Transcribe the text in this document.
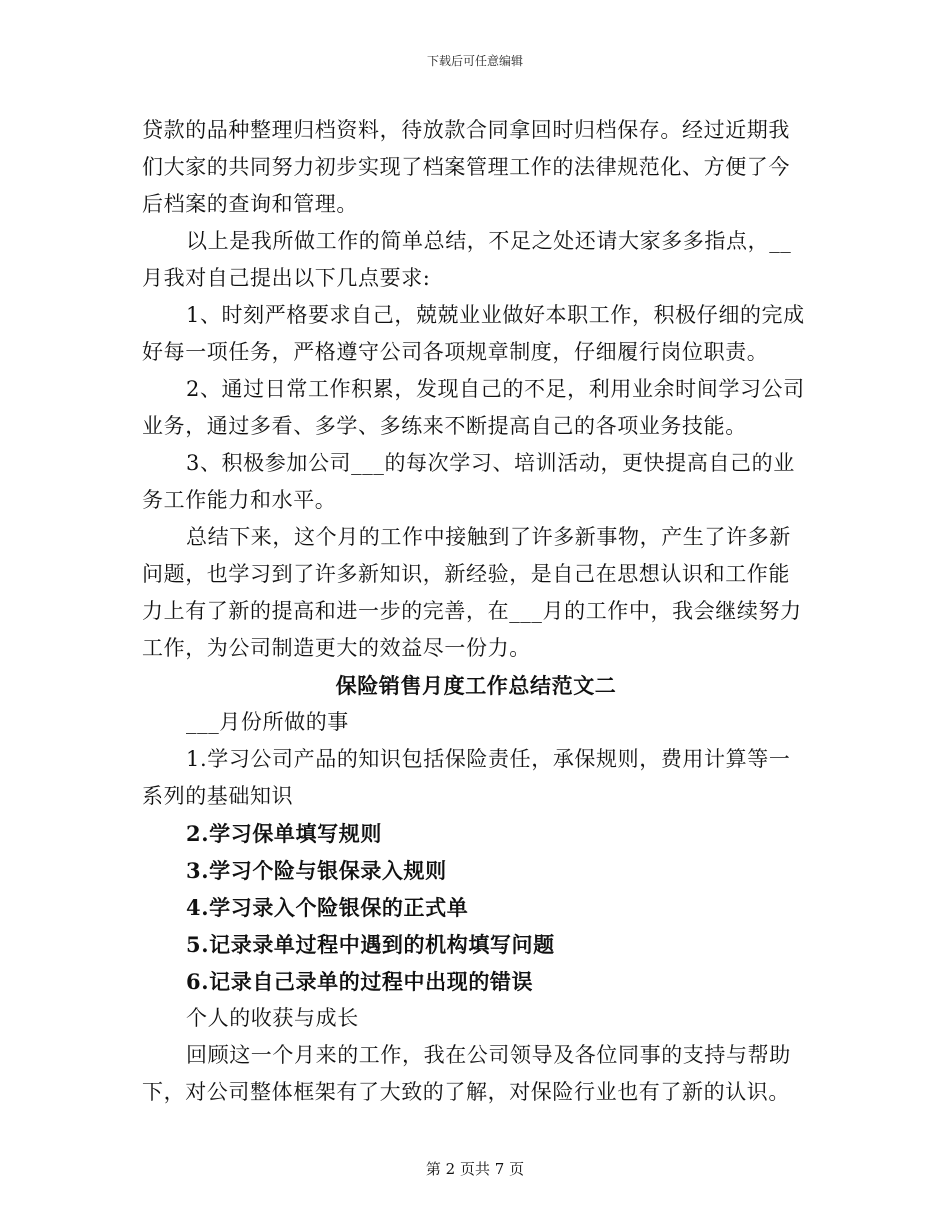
下载后可任意编辑
贷款的品种整理归档资料，待放款合同拿回时归档保存。经过近期我
们大家的共同努力初步实现了档案管理工作的法律规范化、方便了今
后档案的查询和管理。
以上是我所做工作的简单总结，不足之处还请大家多多指点，__
月我对自己提出以下几点要求:
1、时刻严格要求自己，兢兢业业做好本职工作，积极仔细的完成
好每一项任务，严格遵守公司各项规章制度，仔细履行岗位职责。
2、通过日常工作积累，发现自己的不足，利用业余时间学习公司
业务，通过多看、多学、多练来不断提高自己的各项业务技能。
3、积极参加公司___的每次学习、培训活动，更快提高自己的业
务工作能力和水平。
总结下来，这个月的工作中接触到了许多新事物，产生了许多新
问题，也学习到了许多新知识，新经验，是自己在思想认识和工作能
力上有了新的提高和进一步的完善，在___月的工作中，我会继续努力
工作，为公司制造更大的效益尽一份力。
保险销售月度工作总结范文二
___月份所做的事
1.学习公司产品的知识包括保险责任，承保规则，费用计算等一
系列的基础知识
2.学习保单填写规则
3.学习个险与银保录入规则
4.学习录入个险银保的正式单
5.记录录单过程中遇到的机构填写问题
6.记录自己录单的过程中出现的错误
个人的收获与成长
回顾这一个月来的工作，我在公司领导及各位同事的支持与帮助
下，对公司整体框架有了大致的了解，对保险行业也有了新的认识。
第 2 页共 7 页
